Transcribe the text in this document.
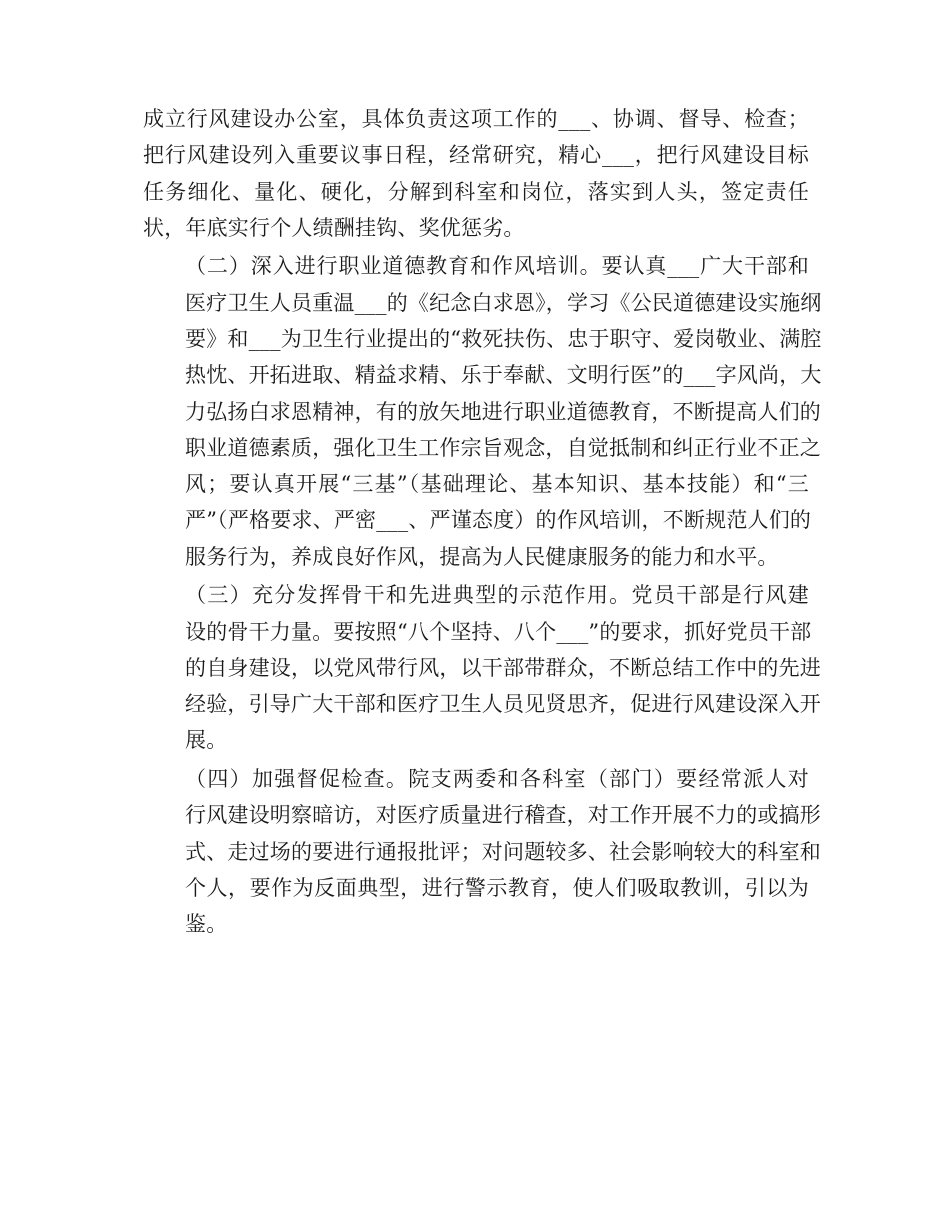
成立行风建设办公室，具体负责这项工作的___、协调、督导、检查；
把行风建设列入重要议事日程，经常研究，精心___，把行风建设目标
任务细化、量化、硬化，分解到科室和岗位，落实到人头，签定责任
状，年底实行个人绩酬挂钩、奖优惩劣。
（二）深入进行职业道德教育和作风培训。要认真___广大干部和
医疗卫生人员重温___的《纪念白求恩》，学习《公民道德建设实施纲
要》和___为卫生行业提出的“救死扶伤、忠于职守、爱岗敬业、满腔
热忱、开拓进取、精益求精、乐于奉献、文明行医”的___字风尚，大
力弘扬白求恩精神，有的放矢地进行职业道德教育，不断提高人们的
职业道德素质，强化卫生工作宗旨观念，自觉抵制和纠正行业不正之
风；要认真开展“三基”（基础理论、基本知识、基本技能）和“三
严”（严格要求、严密___、严谨态度）的作风培训，不断规范人们的
服务行为，养成良好作风，提高为人民健康服务的能力和水平。
（三）充分发挥骨干和先进典型的示范作用。党员干部是行风建
设的骨干力量。要按照“八个坚持、八个___”的要求，抓好党员干部
的自身建设，以党风带行风，以干部带群众，不断总结工作中的先进
经验，引导广大干部和医疗卫生人员见贤思齐，促进行风建设深入开
展。
（四）加强督促检查。院支两委和各科室（部门）要经常派人对
行风建设明察暗访，对医疗质量进行稽查，对工作开展不力的或搞形
式、走过场的要进行通报批评；对问题较多、社会影响较大的科室和
个人，要作为反面典型，进行警示教育，使人们吸取教训，引以为
鉴。
